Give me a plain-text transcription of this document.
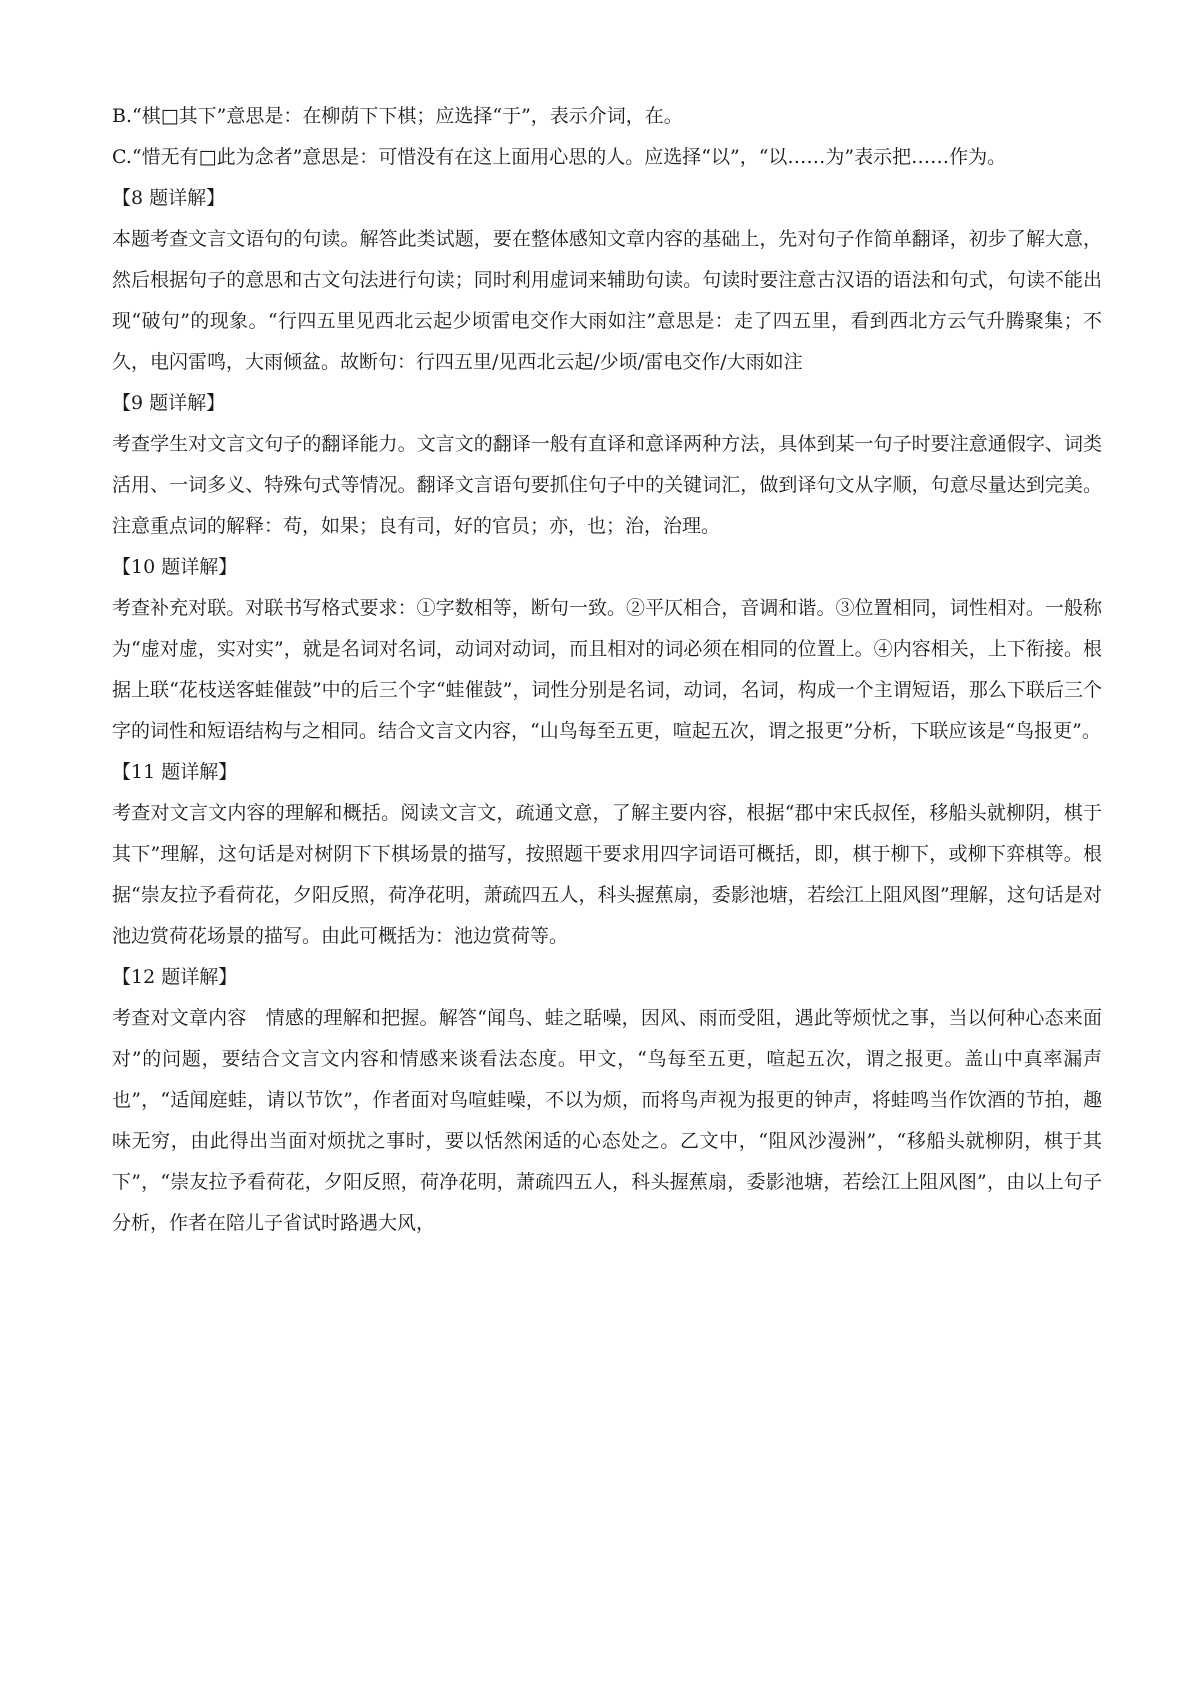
B.“棋□其下”意思是：在柳荫下下棋；应选择“于”，表示介词，在。

C.“惜无有□此为念者”意思是：可惜没有在这上面用心思的人。应选择“以”，“以……为”表示把……作为。

【8 题详解】

本题考查文言文语句的句读。解答此类试题，要在整体感知文章内容的基础上，先对句子作简单翻译，初步了解大意，然后根据句子的意思和古文句法进行句读；同时利用虚词来辅助句读。句读时要注意古汉语的语法和句式，句读不能出现“破句”的现象。“行四五里见西北云起少顷雷电交作大雨如注”意思是：走了四五里，看到西北方云气升腾聚集；不久，电闪雷鸣，大雨倾盆。故断句：行四五里/见西北云起/少顷/雷电交作/大雨如注

【9 题详解】

考查学生对文言文句子的翻译能力。文言文的翻译一般有直译和意译两种方法，具体到某一句子时要注意通假字、词类活用、一词多义、特殊句式等情况。翻译文言语句要抓住句子中的关键词汇，做到译句文从字顺，句意尽量达到完美。注意重点词的解释：苟，如果；良有司，好的官员；亦，也；治，治理。

【10 题详解】

考查补充对联。对联书写格式要求：①字数相等，断句一致。②平仄相合，音调和谐。③位置相同，词性相对。一般称为“虚对虚，实对实”，就是名词对名词，动词对动词，而且相对的词必须在相同的位置上。④内容相关，上下衔接。根据上联“花枝送客蛙催鼓”中的后三个字“蛙催鼓”，词性分别是名词，动词，名词，构成一个主谓短语，那么下联后三个字的词性和短语结构与之相同。结合文言文内容，“山鸟每至五更，喧起五次，谓之报更”分析，下联应该是“鸟报更”。

【11 题详解】

考查对文言文内容的理解和概括。阅读文言文，疏通文意，了解主要内容，根据“郡中宋氏叔侄，移船头就柳阴，棋于其下”理解，这句话是对树阴下下棋场景的描写，按照题干要求用四字词语可概括，即，棋于柳下，或柳下弈棋等。根据“崇友拉予看荷花，夕阳反照，荷净花明，萧疏四五人，科头握蕉扇，委影池塘，若绘江上阻风图”理解，这句话是对池边赏荷花场景的描写。由此可概括为：池边赏荷等。

【12 题详解】

考查对文章内容　情感的理解和把握。解答“闻鸟、蛙之聒噪，因风、雨而受阻，遇此等烦忧之事，当以何种心态来面对”的问题，要结合文言文内容和情感来谈看法态度。甲文，“鸟每至五更，喧起五次，谓之报更。盖山中真率漏声也”，“适闻庭蛙，请以节饮”，作者面对鸟喧蛙噪，不以为烦，而将鸟声视为报更的钟声，将蛙鸣当作饮酒的节拍，趣味无穷，由此得出当面对烦扰之事时，要以恬然闲适的心态处之。乙文中，“阻风沙漫洲”，“移船头就柳阴，棋于其下”，“崇友拉予看荷花，夕阳反照，荷净花明，萧疏四五人，科头握蕉扇，委影池塘，若绘江上阻风图”，由以上句子分析，作者在陪儿子省试时路遇大风，
